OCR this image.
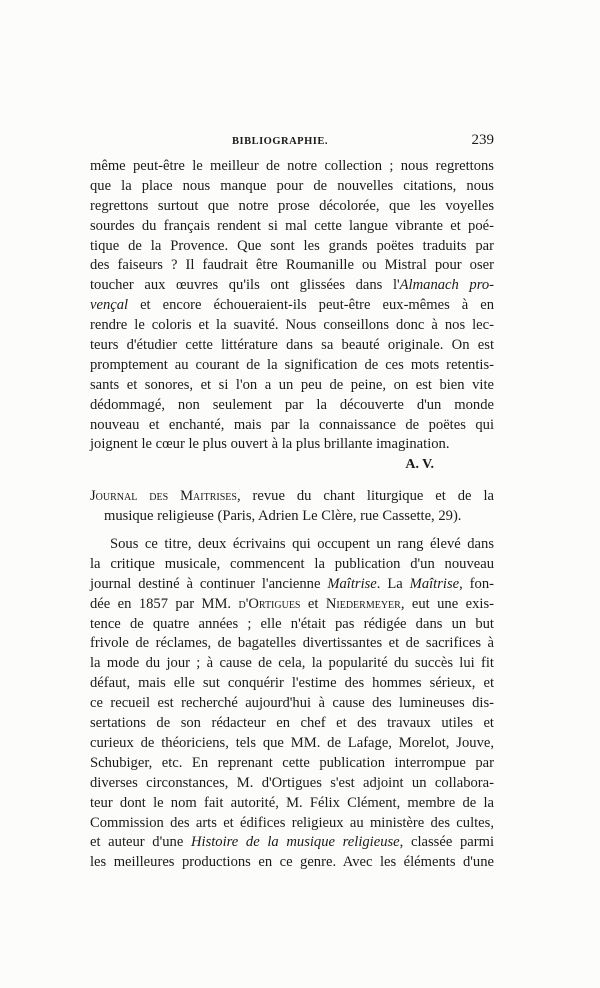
BIBLIOGRAPHIE.	239
même peut-être le meilleur de notre collection ; nous regrettons
que la place nous manque pour de nouvelles citations, nous
regrettons surtout que notre prose décolorée, que les voyelles
sourdes du français rendent si mal cette langue vibrante et poé-
tique de la Provence. Que sont les grands poëtes traduits par
des faiseurs ? Il faudrait être Roumanille ou Mistral pour oser
toucher aux œuvres qu'ils ont glissées dans l'Almanach pro-
vençal et encore échoueraient-ils peut-être eux-mêmes à en
rendre le coloris et la suavité. Nous conseillons donc à nos lec-
teurs d'étudier cette littérature dans sa beauté originale. On est
promptement au courant de la signification de ces mots retentis-
sants et sonores, et si l'on a un peu de peine, on est bien vite
dédommagé, non seulement par la découverte d'un monde
nouveau et enchanté, mais par la connaissance de poëtes qui
joignent le cœur le plus ouvert à la plus brillante imagination.
A. V.
Journal des Maitrises, revue du chant liturgique et de la
musique religieuse (Paris, Adrien Le Clère, rue Cassette, 29).
Sous ce titre, deux écrivains qui occupent un rang élevé dans
la critique musicale, commencent la publication d'un nouveau
journal destiné à continuer l'ancienne Maîtrise. La Maîtrise, fon-
dée en 1857 par MM. d'Ortigues et Niedermeyer, eut une exis-
tence de quatre années ; elle n'était pas rédigée dans un but
frivole de réclames, de bagatelles divertissantes et de sacrifices à
la mode du jour ; à cause de cela, la popularité du succès lui fit
défaut, mais elle sut conquérir l'estime des hommes sérieux, et
ce recueil est recherché aujourd'hui à cause des lumineuses dis-
sertations de son rédacteur en chef et des travaux utiles et
curieux de théoriciens, tels que MM. de Lafage, Morelot, Jouve,
Schubiger, etc. En reprenant cette publication interrompue par
diverses circonstances, M. d'Ortigues s'est adjoint un collabora-
teur dont le nom fait autorité, M. Félix Clément, membre de la
Commission des arts et édifices religieux au ministère des cultes,
et auteur d'une Histoire de la musique religieuse, classée parmi
les meilleures productions en ce genre. Avec les éléments d'une
